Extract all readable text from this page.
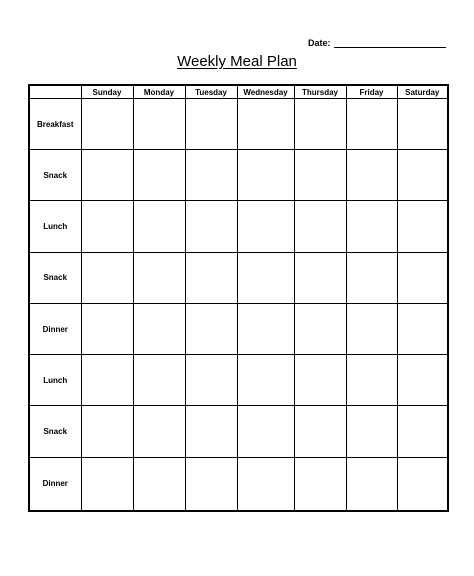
Date:
Weekly Meal Plan
	Sunday	Monday	Tuesday	Wednesday	Thursday	Friday	Saturday
Breakfast							
Snack							
Lunch							
Snack							
Dinner							
Lunch							
Snack							
Dinner							
